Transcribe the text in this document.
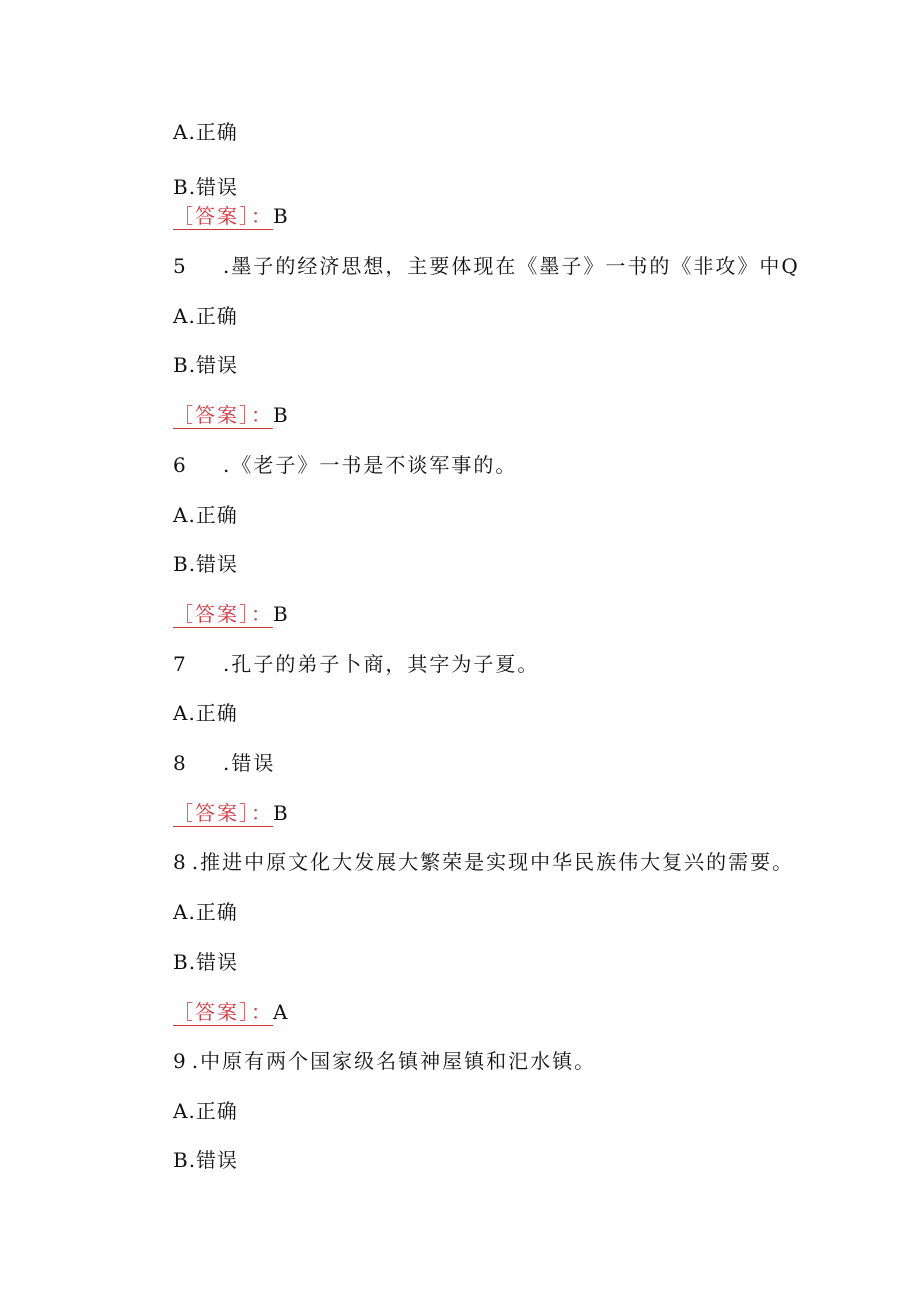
A.正确
B.错误
［答案］：B
5 .墨子的经济思想，主要体现在《墨子》一书的《非攻》中Q
A.正确
B.错误
［答案］：B
6 .《老子》一书是不谈军事的。
A.正确
B.错误
［答案］：B
7 .孔子的弟子卜商，其字为子夏。
A.正确
8 .错误
［答案］：B
8 .推进中原文化大发展大繁荣是实现中华民族伟大复兴的需要。
A.正确
B.错误
［答案］：A
9 .中原有两个国家级名镇神屋镇和汜水镇。
A.正确
B.错误
